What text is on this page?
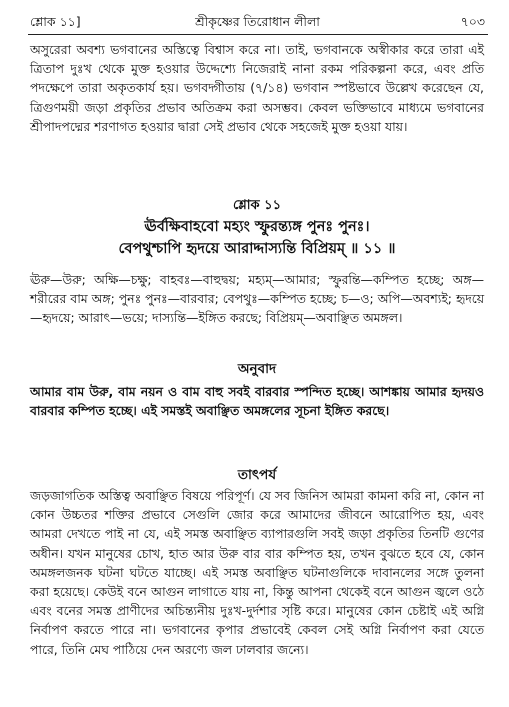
শ্লোক ১১]	শ্রীকৃষ্ণের তিরোধান লীলা	৭০৩

অসুরেরা অবশ্য ভগবানের অস্তিত্বে বিশ্বাস করে না। তাই, ভগবানকে অস্বীকার করে তারা এই ত্রিতাপ দুঃখ থেকে মুক্ত হওয়ার উদ্দেশ্যে নিজেরাই নানা রকম পরিকল্পনা করে, এবং প্রতি পদক্ষেপে তারা অকৃতকার্য হয়। ভগবদ্গীতায় (৭/১৪) ভগবান স্পষ্টভাবে উল্লেখ করেছেন যে, ত্রিগুণময়ী জড়া প্রকৃতির প্রভাব অতিক্রম করা অসম্ভব। কেবল ভক্তিভাবে মাধ্যমে ভগবানের শ্রীপাদপদ্মের শরণাগত হওয়ার দ্বারা সেই প্রভাব থেকে সহজেই মুক্ত হওয়া যায়।

শ্লোক ১১

ঊর্বক্ষিবাহবো মহ্যং স্ফুরন্ত্যঙ্গ পুনঃ পুনঃ।
বেপথুশ্চাপি হৃদয়ে আরাদ্দাস্যন্তি বিপ্রিয়ম্ ॥ ১১ ॥

ঊরু—উরু; অক্ষি—চক্ষু; বাহবঃ—বাহুদ্বয়; মহ্যম্—আমার; স্ফুরন্তি—কম্পিত হচ্ছে; অঙ্গ—শরীরের বাম অঙ্গ; পুনঃ পুনঃ—বারবার; বেপথুঃ—কম্পিত হচ্ছে; চ—ও; অপি—অবশ্যই; হৃদয়ে—হৃদয়ে; আরাৎ—ভয়ে; দাস্যন্তি—ইঙ্গিত করছে; বিপ্রিয়ম্—অবাঞ্ছিত অমঙ্গল।

অনুবাদ

আমার বাম উরু, বাম নয়ন ও বাম বাহু সবই বারবার স্পন্দিত হচ্ছে। আশঙ্কায় আমার হৃদয়ও বারবার কম্পিত হচ্ছে। এই সমস্তই অবাঞ্ছিত অমঙ্গলের সূচনা ইঙ্গিত করছে।

তাৎপর্য

জড়জাগতিক অস্তিত্ব অবাঞ্ছিত বিষয়ে পরিপূর্ণ। যে সব জিনিস আমরা কামনা করি না, কোন না কোন উচ্চতর শক্তির প্রভাবে সেগুলি জোর করে আমাদের জীবনে আরোপিত হয়, এবং আমরা দেখতে পাই না যে, এই সমস্ত অবাঞ্ছিত ব্যাপারগুলি সবই জড়া প্রকৃতির তিনটি গুণের অধীন। যখন মানুষের চোখ, হাত আর উরু বার বার কম্পিত হয়, তখন বুঝতে হবে যে, কোন অমঙ্গলজনক ঘটনা ঘটতে যাচ্ছে। এই সমস্ত অবাঞ্ছিত ঘটনাগুলিকে দাবানলের সঙ্গে তুলনা করা হয়েছে। কেউই বনে আগুন লাগাতে যায় না, কিন্তু আপনা থেকেই বনে আগুন জ্বলে ওঠে এবং বনের সমস্ত প্রাণীদের অচিন্ত্যনীয় দুঃখ-দুর্দশার সৃষ্টি করে। মানুষের কোন চেষ্টাই এই অগ্নি নির্বাপণ করতে পারে না। ভগবানের কৃপার প্রভাবেই কেবল সেই অগ্নি নির্বাপণ করা যেতে পারে, তিনি মেঘ পাঠিয়ে দেন অরণ্যে জল ঢালবার জন্যে।
